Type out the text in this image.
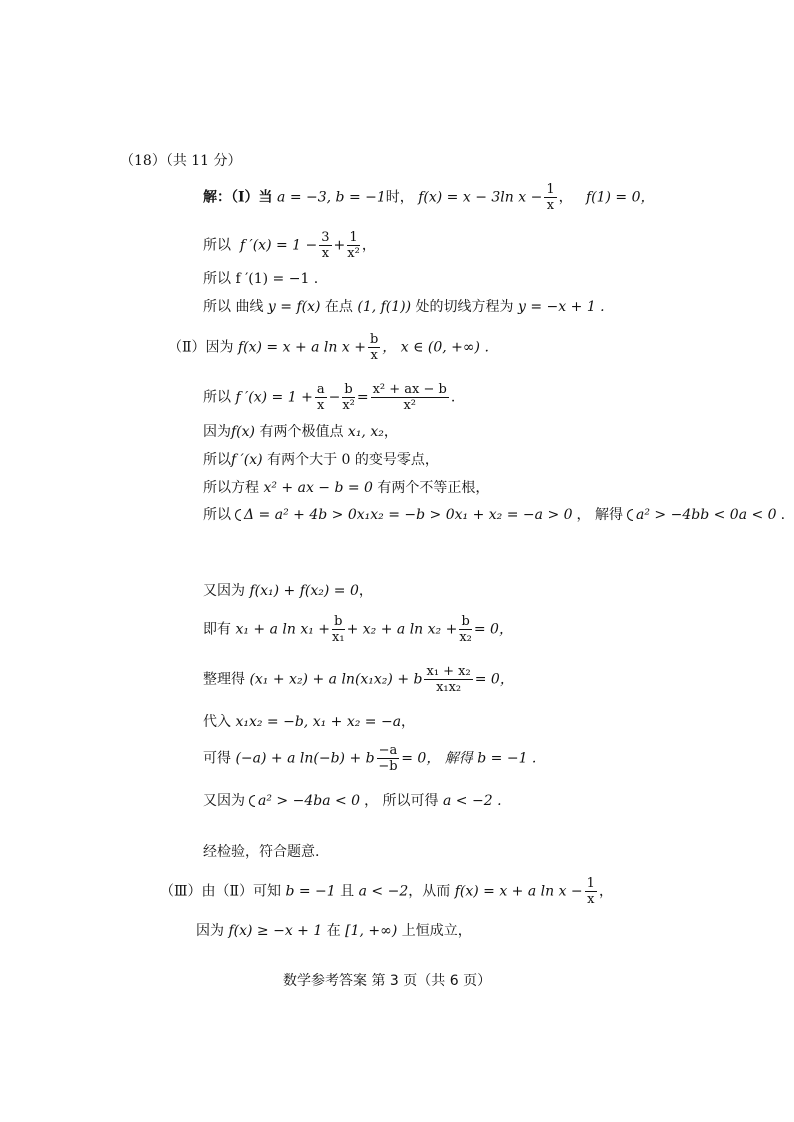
（18）（共 11 分）
解：（Ⅰ）当 a = −3, b = −1时， f(x) = x − 3ln $x - \frac{1}{x}$ ，   f(1) = 0，
所以 f $'(x) = 1 - \frac{3}{x} + \frac{1}{\text{x²}}$ ，
所以 f ′(1) = −1 .
所以 曲线 y = f(x) 在点 (1, f(1)) 处的切线方程为 y = −x + 1 .
（Ⅱ）因为 f(x) = x + a $\ln x + \frac{b}{x}$ ， x ∈ (0, +∞) .
所以 f $'(x) = 1 + \frac{a}{x} - \frac{b}{\text{x²}} = \frac{\text{x² + ax − b}}{\text{x²}}$ .
因为f(x) 有两个极值点 x₁, x₂，
所以f ′(x) 有两个大于 0 的变号零点，
所以方程 x² + ax − b = 0 有两个不等正根，
所以 Δ = a² + 4b > 0x₁x₂ = −b > 0x₁ + x₂ = −a > 0 ， 解得 a² > −4bb < 0a < 0 .
又因为 f(x₁) + f(x₂) = 0，
即有 x₁ + a $\ln x_1 + \frac{b}{\text{x₁}} + x_2 + a$ $\ln x_2 + \frac{b}{\text{x₂}} = 0$，
整理得 (x₁ + x₂) + a ln(x₁x₂) + b $\frac{\text{x₁ + x₂}}{\text{x₁x₂}} = 0$，
代入 x₁x₂ = −b, x₁ + x₂ = −a，
可得 (−a) + a ln(−b) + b $\frac{-a}{-b} = 0$， 解得 b = −1 .
又因为 a² > −4ba < 0 ， 所以可得 a < −2 .
经检验，符合题意.
（Ⅲ）由（Ⅱ）可知 b = −1 且 a < −2，从而 f(x) = x + a $\ln x - \frac{1}{x}$ ，
因为 f(x) ≥ −x + 1 在 [1, +∞) 上恒成立，
数学参考答案 第 3 页（共 6 页）
